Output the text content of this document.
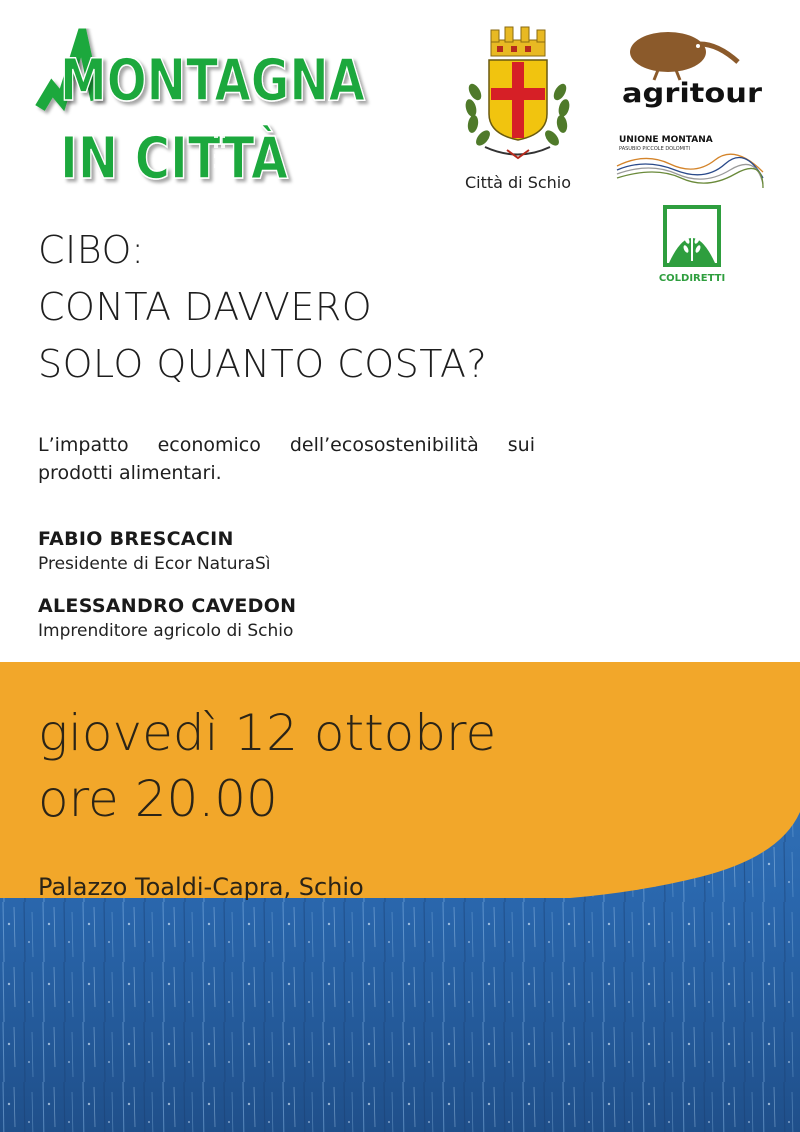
MONTAGNA
IN CITTÀ	Città di Schio
agritour
UNIONE MONTANA
PASUBIO PICCOLE DOLOMITI
COLDIRETTI
CIBO:
CONTA DAVVERO
SOLO QUANTO COSTA?
L’impatto economico dell’ecosostenibilità sui prodotti alimentari.
FABIO BRESCACIN
Presidente di Ecor NaturaSì
ALESSANDRO CAVEDON
Imprenditore agricolo di Schio
giovedì 12 ottobre
ore 20.00
Palazzo Toaldi-Capra, Schio
